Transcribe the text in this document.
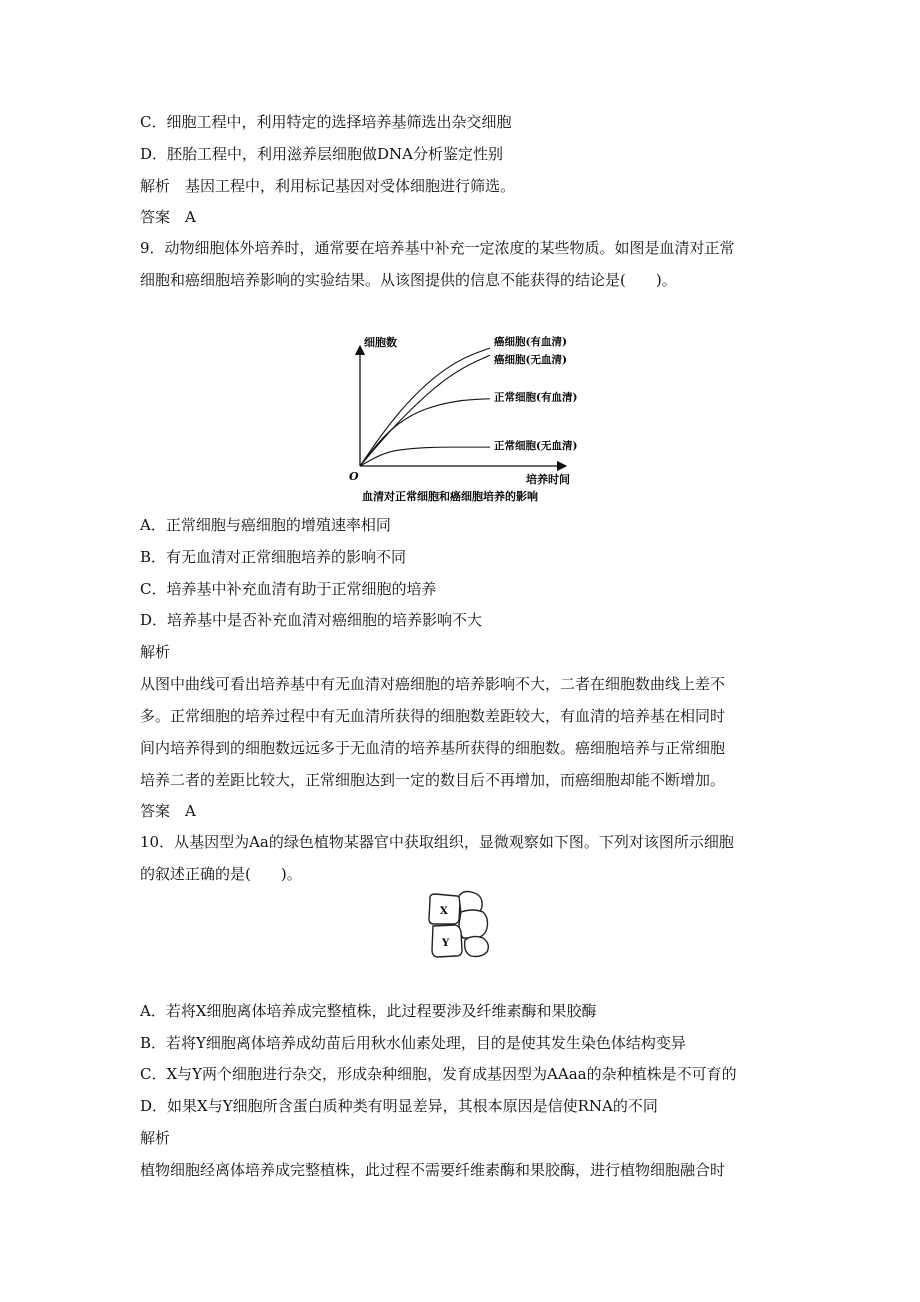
C．细胞工程中，利用特定的选择培养基筛选出杂交细胞
D．胚胎工程中，利用滋养层细胞做DNA分析鉴定性别
解析　基因工程中，利用标记基因对受体细胞进行筛选。
答案　A
9．动物细胞体外培养时，通常要在培养基中补充一定浓度的某些物质。如图是血清对正常
细胞和癌细胞培养影响的实验结果。从该图提供的信息不能获得的结论是(　　)。
细胞数
O	培养时间
血清对正常细胞和癌细胞培养的影响
癌细胞(有血清)
癌细胞(无血清)
正常细胞(有血清)
正常细胞(无血清)
A．正常细胞与癌细胞的增殖速率相同
B．有无血清对正常细胞培养的影响不同
C．培养基中补充血清有助于正常细胞的培养
D．培养基中是否补充血清对癌细胞的培养影响不大
解析
从图中曲线可看出培养基中有无血清对癌细胞的培养影响不大，二者在细胞数曲线上差不
多。正常细胞的培养过程中有无血清所获得的细胞数差距较大，有血清的培养基在相同时
间内培养得到的细胞数远远多于无血清的培养基所获得的细胞数。癌细胞培养与正常细胞
培养二者的差距比较大，正常细胞达到一定的数目后不再增加，而癌细胞却能不断增加。
答案　A
10．从基因型为Aa的绿色植物某器官中获取组织，显微观察如下图。下列对该图所示细胞
的叙述正确的是(　　)。
X
Y
A．若将X细胞离体培养成完整植株，此过程要涉及纤维素酶和果胶酶
B．若将Y细胞离体培养成幼苗后用秋水仙素处理，目的是使其发生染色体结构变异
C．X与Y两个细胞进行杂交，形成杂种细胞，发育成基因型为AAaa的杂种植株是不可育的
D．如果X与Y细胞所含蛋白质种类有明显差异，其根本原因是信使RNA的不同
解析
植物细胞经离体培养成完整植株，此过程不需要纤维素酶和果胶酶，进行植物细胞融合时
